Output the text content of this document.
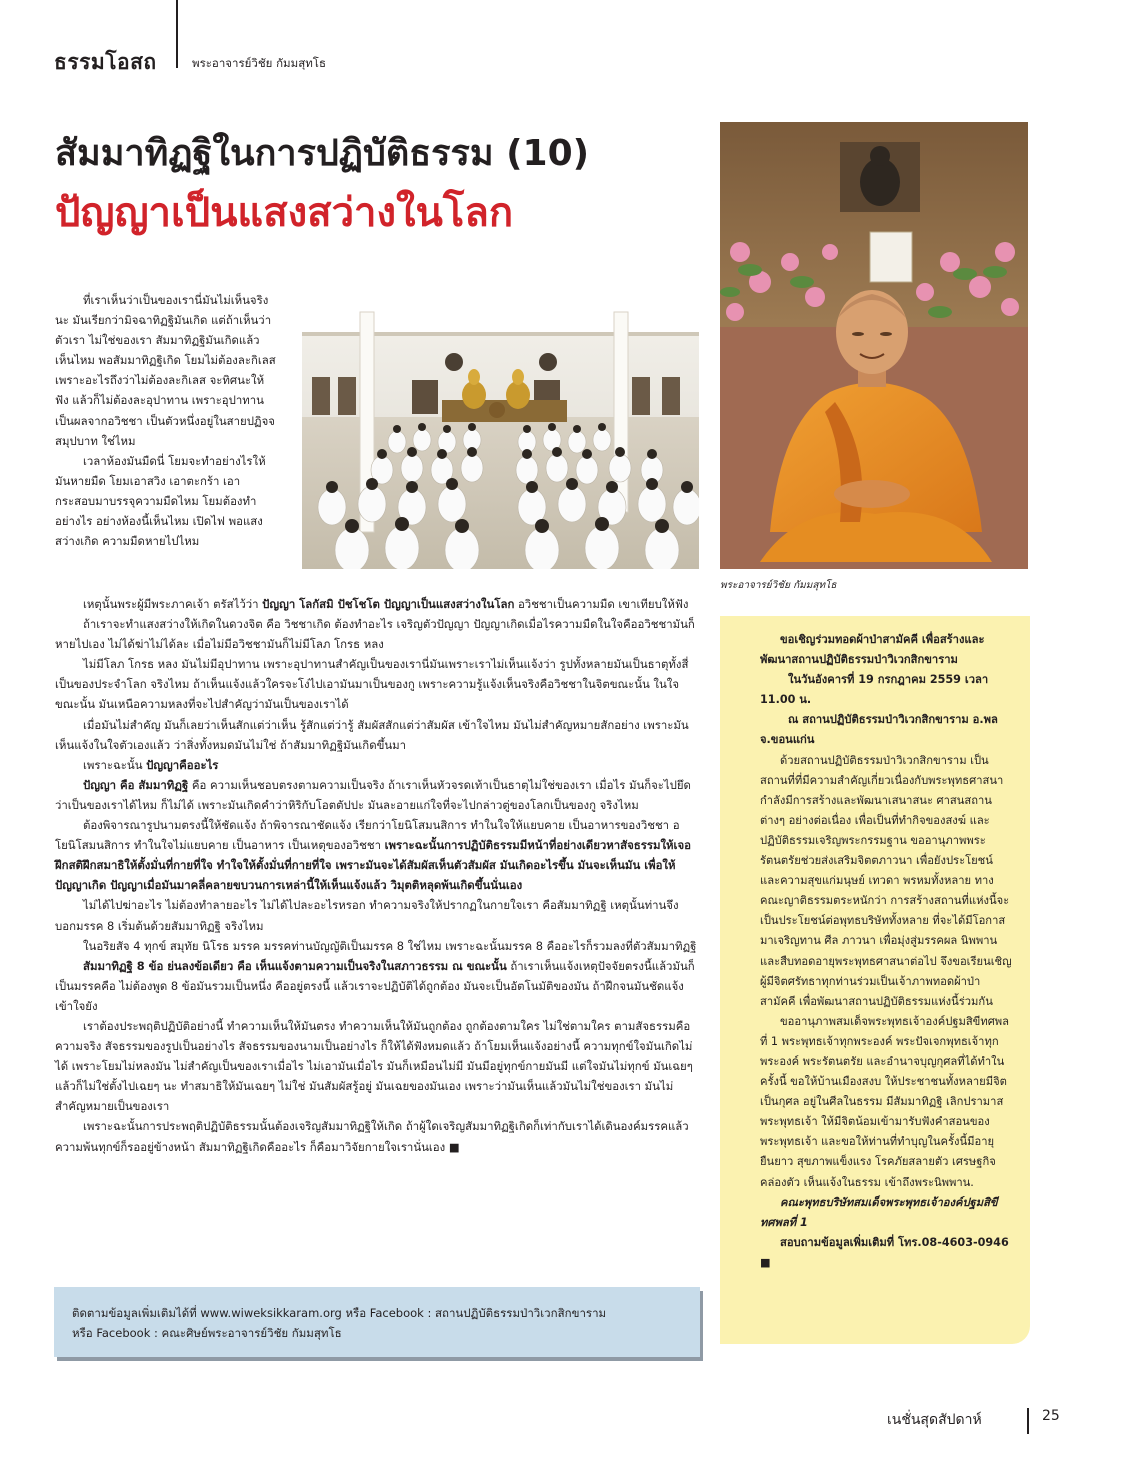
ธรรมโอสถ	พระอาจารย์วิชัย กัมมสุทโธ
สัมมาทิฏฐิในการปฏิบัติธรรม (10)
ปัญญาเป็นแสงสว่างในโลก

ที่เราเห็นว่าเป็นของเรานี่มันไม่เห็นจริงนะ มันเรียกว่ามิจฉาทิฏฐิมันเกิด แต่ถ้าเห็นว่าตัวเรา ไม่ใช่ของเรา สัมมาทิฏฐิมันเกิดแล้วเห็นไหม พอสัมมาทิฏฐิเกิด โยมไม่ต้องละกิเลส เพราะอะไรถึงว่าไม่ต้องละกิเลส จะทิศนะให้ฟัง แล้วก็ไม่ต้องละอุปาทาน เพราะอุปาทานเป็นผลจากอวิชชา เป็นตัวหนึ่งอยู่ในสายปฏิจจสมุปบาท ใช่ไหม

เวลาห้องมันมืดนี่ โยมจะทำอย่างไรให้มันหายมืด โยมเอาสวิง เอาตะกร้า เอากระสอบมาบรรจุความมืดไหม โยมต้องทำอย่างไร อย่างห้องนี้เห็นไหม เปิดไฟ พอแสงสว่างเกิด ความมืดหายไปไหม

พระอาจารย์วิชัย กัมมสุทโธ

เหตุนั้นพระผู้มีพระภาคเจ้า ตรัสไว้ว่า ปัญญา โลกัสมิ ปัชโชโต ปัญญาเป็นแสงสว่างในโลก อวิชชาเป็นความมืด เขาเทียบให้ฟัง

ถ้าเราจะทำแสงสว่างให้เกิดในดวงจิต คือ วิชชาเกิด ต้องทำอะไร เจริญตัวปัญญา ปัญญาเกิดเมื่อไรความมืดในใจคืออวิชชามันก็หายไปเอง ไม่ได้ฆ่าไม่ได้ละ เมื่อไม่มีอวิชชามันก็ไม่มีโลภ โกรธ หลง

ไม่มีโลภ โกรธ หลง มันไม่มีอุปาทาน เพราะอุปาทานสำคัญเป็นของเรานี่มันเพราะเราไม่เห็นแจ้งว่า รูปทั้งหลายมันเป็นธาตุทั้งสี่ เป็นของประจำโลก จริงไหม ถ้าเห็นแจ้งแล้วใครจะโง่ไปเอามันมาเป็นของกู เพราะความรู้แจ้งเห็นจริงคือวิชชาในจิตขณะนั้น ในใจขณะนั้น มันเหนือความหลงที่จะไปสำคัญว่ามันเป็นของเราได้

เมื่อมันไม่สำคัญ มันก็เลยว่าเห็นสักแต่ว่าเห็น รู้สักแต่ว่ารู้ สัมผัสสักแต่ว่าสัมผัส เข้าใจไหม มันไม่สำคัญหมายสักอย่าง เพราะมันเห็นแจ้งในใจตัวเองแล้ว ว่าสิ่งทั้งหมดมันไม่ใช่ ถ้าสัมมาทิฏฐิมันเกิดขึ้นมา

เพราะฉะนั้น ปัญญาคืออะไร

ปัญญา คือ สัมมาทิฏฐิ คือ ความเห็นชอบตรงตามความเป็นจริง ถ้าเราเห็นหัวจรดเท้าเป็นธาตุไม่ใช่ของเรา เมื่อไร มันก็จะไปยึดว่าเป็นของเราได้ไหม ก็ไม่ได้ เพราะมันเกิดคำว่าหิริกับโอตตัปปะ มันละอายแก่ใจที่จะไปกล่าวตู่ของโลกเป็นของกู จริงไหม

ต้องพิจารณารูปนามตรงนี้ให้ชัดแจ้ง ถ้าพิจารณาชัดแจ้ง เรียกว่าโยนิโสมนสิการ ทำในใจให้แยบคาย เป็นอาหารของวิชชา อโยนิโสมนสิการ ทำในใจไม่แยบคาย เป็นอาหาร เป็นเหตุของอวิชชา เพราะฉะนั้นการปฏิบัติธรรมมีหน้าที่อย่างเดียวหาสัจธรรมให้เจอ ฝึกสติฝึกสมาธิให้ตั้งมั่นที่กายที่ใจ ทำใจให้ตั้งมั่นที่กายที่ใจ เพราะมันจะได้สัมผัสเห็นตัวสัมผัส มันเกิดอะไรขึ้น มันจะเห็นมัน เพื่อให้ปัญญาเกิด ปัญญาเมื่อมันมาคลี่คลายขบวนการเหล่านี้ให้เห็นแจ้งแล้ว วิมุตติหลุดพ้นเกิดขึ้นนั่นเอง

ไม่ได้ไปฆ่าอะไร ไม่ต้องทำลายอะไร ไม่ได้ไปละอะไรหรอก ทำความจริงให้ปรากฏในกายใจเรา คือสัมมาทิฏฐิ เหตุนั้นท่านจึงบอกมรรค 8 เริ่มต้นด้วยสัมมาทิฏฐิ จริงไหม

ในอริยสัจ 4 ทุกข์ สมุทัย นิโรธ มรรค มรรคท่านบัญญัติเป็นมรรค 8 ใช่ไหม เพราะฉะนั้นมรรค 8 คืออะไรก็รวมลงที่ตัวสัมมาทิฏฐิ

สัมมาทิฏฐิ 8 ข้อ ย่นลงข้อเดียว คือ เห็นแจ้งตามความเป็นจริงในสภาวธรรม ณ ขณะนั้น ถ้าเราเห็นแจ้งเหตุปัจจัยตรงนี้แล้วมันก็เป็นมรรคคือ ไม่ต้องพูด 8 ข้อมันรวมเป็นหนึ่ง คืออยู่ตรงนี้ แล้วเราจะปฏิบัติได้ถูกต้อง มันจะเป็นอัตโนมัติของมัน ถ้าฝึกจนมันชัดแจ้ง เข้าใจยัง

เราต้องประพฤติปฏิบัติอย่างนี้ ทำความเห็นให้มันตรง ทำความเห็นให้มันถูกต้อง ถูกต้องตามใคร ไม่ใช่ตามใคร ตามสัจธรรมคือความจริง สัจธรรมของรูปเป็นอย่างไร สัจธรรมของนามเป็นอย่างไร ก็ให้ได้ฟังหมดแล้ว ถ้าโยมเห็นแจ้งอย่างนี้ ความทุกข์ใจมันเกิดไม่ได้ เพราะโยมไม่หลงมัน ไม่สำคัญเป็นของเราเมื่อไร ไม่เอามันเมื่อไร มันก็เหมือนไม่มี มันมีอยู่ทุกข์กายมันมี แต่ใจมันไม่ทุกข์ มันเฉยๆ แล้วก็ไม่ใช่ตั้งไปเฉยๆ นะ ทำสมาธิให้มันเฉยๆ ไม่ใช่ มันสัมผัสรู้อยู่ มันเฉยของมันเอง เพราะว่ามันเห็นแล้วมันไม่ใช่ของเรา มันไม่สำคัญหมายเป็นของเรา

เพราะฉะนั้นการประพฤติปฏิบัติธรรมนั้นต้องเจริญสัมมาทิฏฐิให้เกิด ถ้าผู้ใดเจริญสัมมาทิฏฐิเกิดก็เท่ากับเราได้เดินองค์มรรคแล้ว ความพ้นทุกข์ก็รออยู่ข้างหน้า สัมมาทิฏฐิเกิดคืออะไร ก็คือมาวิจัยกายใจเรานั่นเอง ■

ขอเชิญร่วมทอดผ้าป่าสามัคคี เพื่อสร้างและพัฒนาสถานปฏิบัติธรรมป่าวิเวกสิกขาราม

ในวันอังคารที่ 19 กรกฎาคม 2559 เวลา 11.00 น.

ณ สถานปฏิบัติธรรมป่าวิเวกสิกขาราม อ.พล จ.ขอนแก่น

ด้วยสถานปฏิบัติธรรมป่าวิเวกสิกขาราม เป็นสถานที่ที่มีความสำคัญเกี่ยวเนื่องกับพระพุทธศาสนา กำลังมีการสร้างและพัฒนาเสนาสนะ ศาสนสถานต่างๆ อย่างต่อเนื่อง เพื่อเป็นที่ทำกิจของสงฆ์ และปฏิบัติธรรมเจริญพระกรรมฐาน ขออานุภาพพระรัตนตรัยช่วยส่งเสริมจิตตภาวนา เพื่อยังประโยชน์และความสุขแก่มนุษย์ เทวดา พรหมทั้งหลาย ทางคณะญาติธรรมตระหนักว่า การสร้างสถานที่แห่งนี้จะเป็นประโยชน์ต่อพุทธบริษัททั้งหลาย ที่จะได้มีโอกาสมาเจริญทาน ศีล ภาวนา เพื่อมุ่งสู่มรรคผล นิพพาน และสืบทอดอายุพระพุทธศาสนาต่อไป จึงขอเรียนเชิญผู้มีจิตศรัทธาทุกท่านร่วมเป็นเจ้าภาพทอดผ้าป่าสามัคคี เพื่อพัฒนาสถานปฏิบัติธรรมแห่งนี้ร่วมกัน

ขออานุภาพสมเด็จพระพุทธเจ้าองค์ปฐมสิขีทศพลที่ 1 พระพุทธเจ้าทุกพระองค์ พระปัจเจกพุทธเจ้าทุกพระองค์ พระรัตนตรัย และอำนาจบุญกุศลที่ได้ทำในครั้งนี้ ขอให้บ้านเมืองสงบ ให้ประชาชนทั้งหลายมีจิตเป็นกุศล อยู่ในศีลในธรรม มีสัมมาทิฏฐิ เลิกปรามาสพระพุทธเจ้า ให้มีจิตน้อมเข้ามารับฟังคำสอนของพระพุทธเจ้า และขอให้ท่านที่ทำบุญในครั้งนี้มีอายุยืนยาว สุขภาพแข็งแรง โรคภัยสลายตัว เศรษฐกิจคล่องตัว เห็นแจ้งในธรรม เข้าถึงพระนิพพาน.

คณะพุทธบริษัทสมเด็จพระพุทธเจ้าองค์ปฐมสิขีทศพลที่ 1

สอบถามข้อมูลเพิ่มเติมที่ โทร.08-4603-0946 ■

ติดตามข้อมูลเพิ่มเติมได้ที่ www.wiweksikkaram.org หรือ Facebook : สถานปฏิบัติธรรมป่าวิเวกสิกขาราม
หรือ Facebook : คณะศิษย์พระอาจารย์วิชัย กัมมสุทโธ
เนชั่นสุดสัปดาห์	25
